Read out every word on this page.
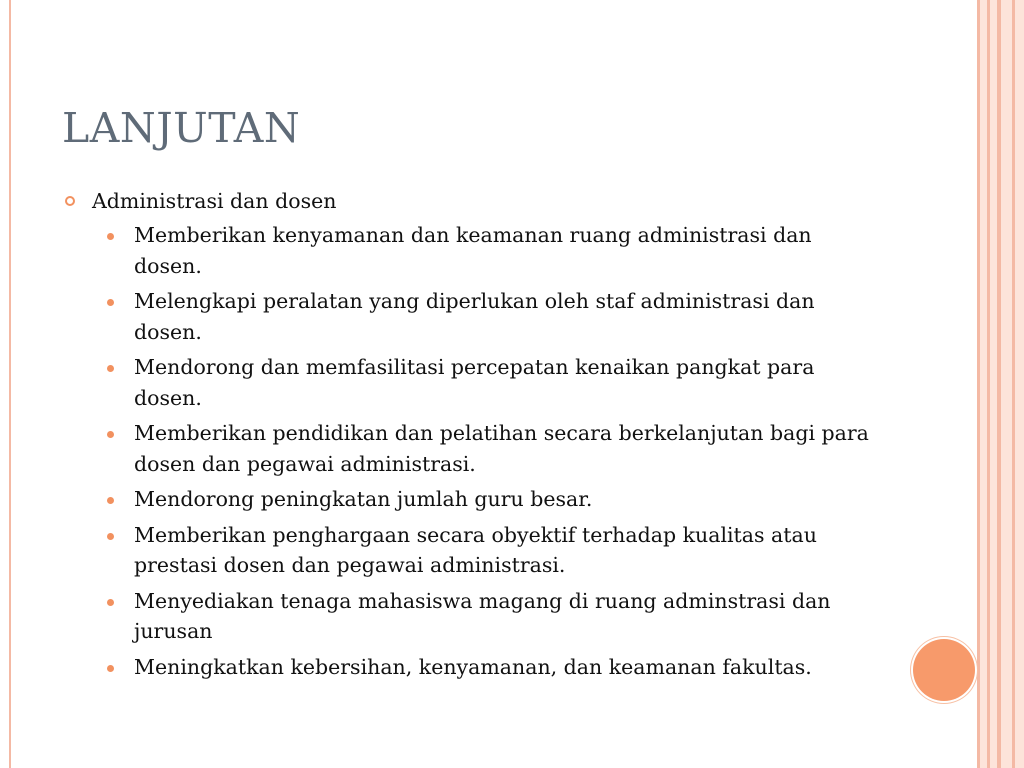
LANJUTAN
Administrasi dan dosen
Memberikan kenyamanan dan keamanan ruang administrasi dan dosen.
Melengkapi peralatan yang diperlukan oleh staf administrasi dan dosen.
Mendorong dan memfasilitasi percepatan kenaikan pangkat para dosen.
Memberikan pendidikan dan pelatihan secara berkelanjutan bagi para dosen dan pegawai administrasi.
Mendorong peningkatan jumlah guru besar.
Memberikan penghargaan secara obyektif terhadap kualitas atau prestasi dosen dan pegawai administrasi.
Menyediakan tenaga mahasiswa magang di ruang adminstrasi dan jurusan
Meningkatkan kebersihan, kenyamanan, dan keamanan fakultas.
